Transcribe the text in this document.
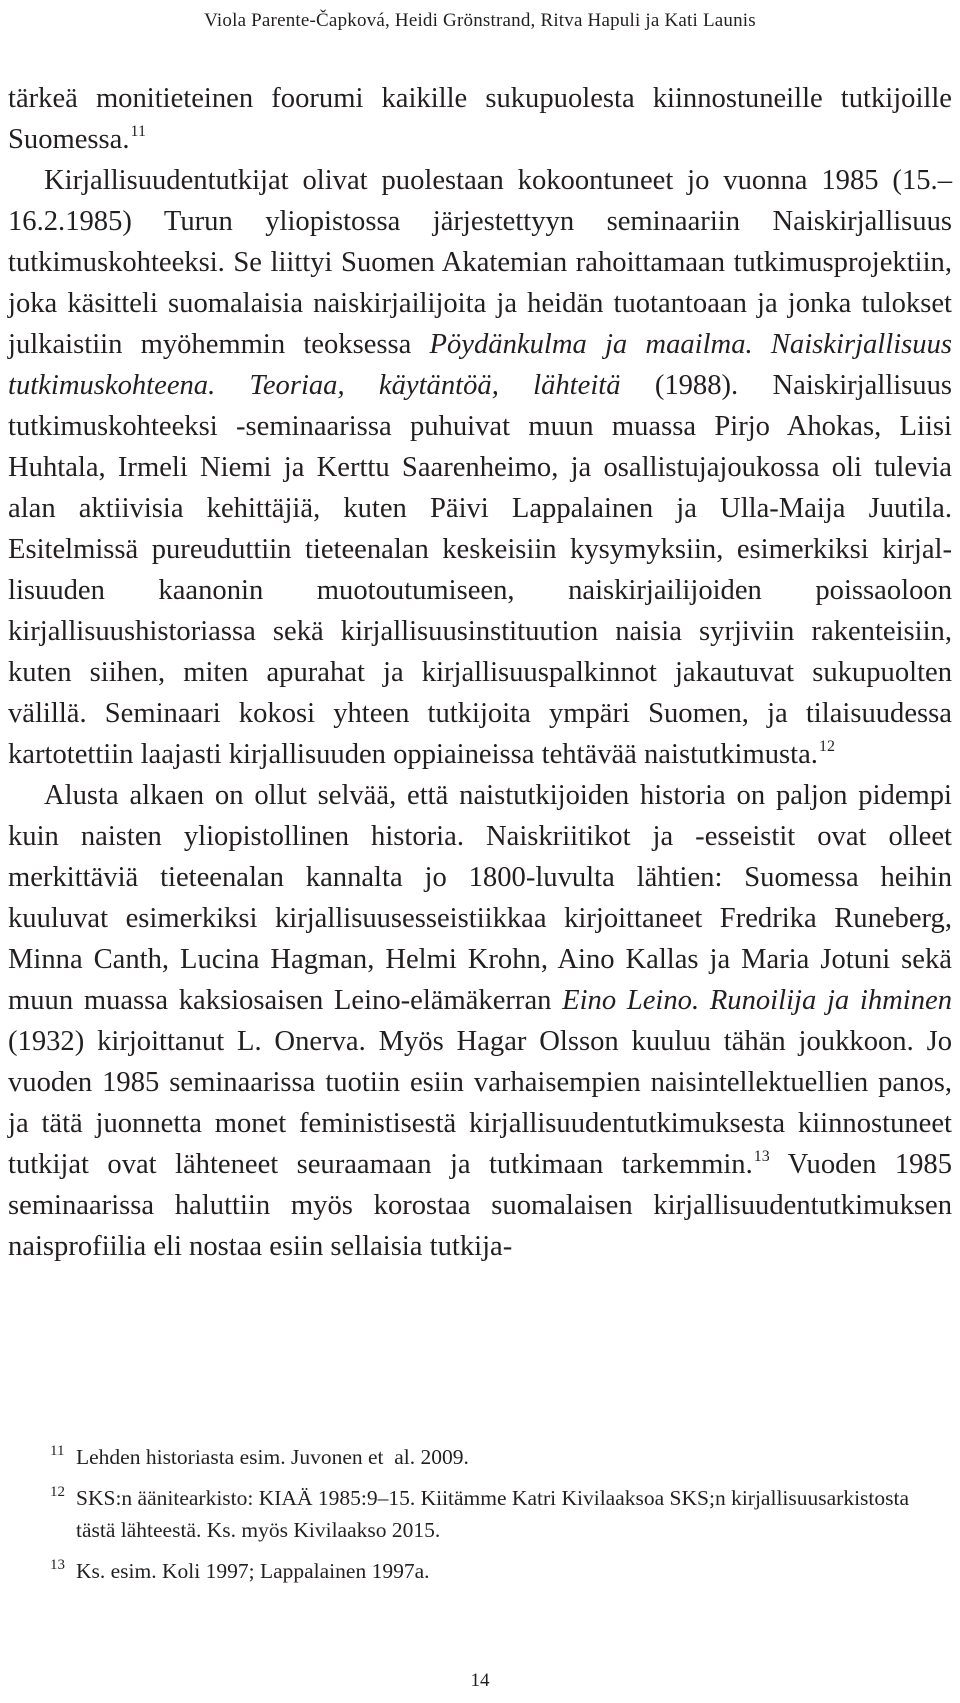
Viola Parente-Čapková, Heidi Grönstrand, Ritva Hapuli ja Kati Launis

tärkeä monitieteinen foorumi kaikille sukupuolesta kiinnostuneille tutkijoille Suomessa.$^{11}$

Kirjallisuudentutkijat olivat puolestaan kokoontuneet jo vuonna 1985 (15.–16.2.1985) Turun yliopistossa järjestettyyn seminaariin Naiskirjallisuus tutkimuskohteeksi. Se liittyi Suomen Akatemian rahoittamaan tutkimusprojektiin, joka käsitteli suomalaisia naiskirjailijoita ja heidän tuotantoaan ja jonka tulokset julkaistiin myöhemmin teoksessa Pöydänkulma ja maailma. Naiskirjallisuus tutkimuskohteena. Teoriaa, käytäntöä, lähteitä (1988). Naiskirjallisuus tutkimuskohteeksi -seminaarissa puhuivat muun muassa Pirjo Ahokas, Liisi Huhtala, Irmeli Niemi ja Kerttu Saarenheimo, ja osallistujajoukossa oli tulevia alan aktiivisia kehittäjiä, kuten Päivi Lappalainen ja Ulla-Maija Juutila. Esitelmissä pureuduttiin tieteenalan keskeisiin kysymyksiin, esimerkiksi kirjallisuuden kaanonin muotoutumiseen, naiskirjailijoiden poissaoloon kirjallisuushistoriassa sekä kirjallisuusinstituution naisia syrjiviin rakenteisiin, kuten siihen, miten apurahat ja kirjallisuuspalkinnot jakautuvat sukupuolten välillä. Seminaari kokosi yhteen tutkijoita ympäri Suomen, ja tilaisuudessa kartotettiin laajasti kirjallisuuden oppiaineissa tehtävää naistutkimusta.$^{12}$

Alusta alkaen on ollut selvää, että naistutkijoiden historia on paljon pidempi kuin naisten yliopistollinen historia. Naiskriitikot ja -esseistit ovat olleet merkittäviä tieteenalan kannalta jo 1800-luvulta lähtien: Suomessa heihin kuuluvat esimerkiksi kirjallisuusesseistiikkaa kirjoittaneet Fredrika Runeberg, Minna Canth, Lucina Hagman, Helmi Krohn, Aino Kallas ja Maria Jotuni sekä muun muassa kaksiosaisen Leino-elämäkerran Eino Leino. Runoilija ja ihminen (1932) kirjoittanut L. Onerva. Myös Hagar Olsson kuuluu tähän joukkoon. Jo vuoden 1985 seminaarissa tuotiin esiin varhaisempien naisintellektuellien panos, ja tätä juonnetta monet feministisestä kirjallisuudentutkimuksesta kiinnostuneet tutkijat ovat lähteneet seuraamaan ja tutkimaan tarkemmin.$^{13}$ Vuoden 1985 seminaarissa haluttiin myös korostaa suomalaisen kirjallisuudentutkimuksen naisprofiilia eli nostaa esiin sellaisia tutkija-

11 Lehden historiasta esim. Juvonen et  al. 2009.
12 SKS:n äänitearkisto: KIAÄ 1985:9–15. Kiitämme Katri Kivilaaksoa SKS;n kirjallisuusarkistosta tästä lähteestä. Ks. myös Kivilaakso 2015.
13 Ks. esim. Koli 1997; Lappalainen 1997a.
14
